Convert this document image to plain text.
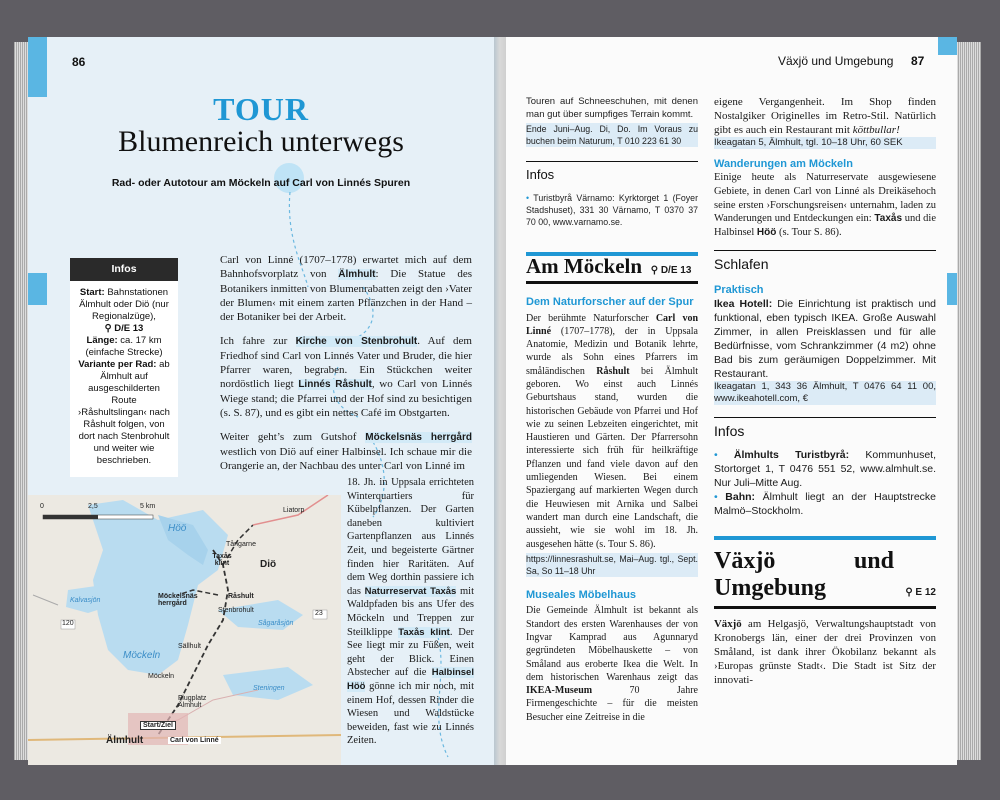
86
TOUR
Blumenreich unterwegs
Rad- oder Autotour am Möckeln auf Carl von Linnés Spuren
Infos
Start: Bahnstationen Älmhult oder Diö (nur Regionalzüge),
⚲ D/E 13
Länge: ca. 17 km (einfache Strecke)
Variante per Rad: ab Älmhult auf ausgeschilderten Route ›Råshultslingan‹ nach Råshult folgen, von dort nach Stenbrohult und weiter wie beschrieben.

Carl von Linné (1707–1778) erwartet mich auf dem Bahnhofsvorplatz von Älmhult: Die Statue des Botanikers inmitten von Blumenrabatten zeigt den ›Vater der Blumen‹ mit einem zarten Pflänzchen in der Hand – der Botaniker bei der Arbeit.

Ich fahre zur Kirche von Stenbrohult. Auf dem Friedhof sind Carl von Linnés Vater und Bruder, die hier Pfarrer waren, begraben. Ein Stückchen weiter nordöstlich liegt Linnés Råshult, wo Carl von Linnés Wiege stand; die Pfarrei und der Hof sind zu besichtigen (s. S. 87), und es gibt ein nettes Café im Obstgarten.

Weiter geht’s zum Gutshof Möckelsnäs herrgård westlich von Diö auf einer Halbinsel. Ich schaue mir die Orangerie an, der Nachbau des unter Carl von Linné im

18. Jh. in Uppsala errichteten Winterquartiers für Kübelpflanzen. Der Garten daneben kultiviert Gartenpflanzen aus Linnés Zeit, und begeisterte Gärtner finden hier Raritäten. Auf dem Weg dorthin passiere ich das Naturreservat Taxås mit Waldpfaden bis ans Ufer des Möckeln und Treppen zur Steilklippe Taxås klint. Der See liegt mir zu Füßen, weit geht der Blick. Einen Abstecher auf die Halbinsel Höö gönne ich mir noch, mit einem Hof, dessen Rinder die Wiesen und Waldstücke beweiden, fast wie zu Linnés Zeiten.
0	2,5	5 km
Liatorp
Höö
Tångarne
Taxås klint	Diö
Möckelsnäs herrgård
Råshult
Stenbrohult
Kalvasjön
Sågaråsjön
Möckeln
Sällhult
Möckeln
Steningen
Flugplatz Älmhult
Start/Ziel
Älmhult	Carl von Linné
120
23
Växjö und Umgebung 87
Touren auf Schneeschuhen, mit denen man gut über sumpfiges Terrain kommt.
Ende Juni–Aug. Di, Do. Im Voraus zu buchen beim Naturum, T 010 223 61 30
Infos
• Turistbyrå Värnamo: Kyrktorget 1 (Foyer Stadshuset), 331 30 Värnamo, T 0370 37 70 00, www.varnamo.se.
Am Möckeln ⚲ D/E 13
Dem Naturforscher auf der Spur
Der berühmte Naturforscher Carl von Linné (1707–1778), der in Uppsala Anatomie, Medizin und Botanik lehrte, wurde als Sohn eines Pfarrers im småländischen Råshult bei Älmhult geboren. Wo einst auch Linnés Geburtshaus stand, wurden die historischen Gebäude von Pfarrei und Hof wie zu seinen Lebzeiten eingerichtet, mit Haustieren und Gärten. Der Pfarrersohn interessierte sich früh für heilkräftige Pflanzen und fand viele davon auf den umliegenden Wiesen. Bei einem Spaziergang auf markierten Wegen durch die Heuwiesen mit Arnika und Salbei wandert man durch eine Landschaft, die aussieht, wie sie wohl im 18. Jh. ausgesehen hätte (s. Tour S. 86).
https://linnesrashult.se, Mai–Aug. tgl., Sept. Sa, So 11–18 Uhr
Museales Möbelhaus
Die Gemeinde Älmhult ist bekannt als Standort des ersten Warenhauses der von Ingvar Kamprad aus Agunnaryd gegründeten Möbelhauskette – von Småland aus eroberte Ikea die Welt. In dem historischen Warenhaus zeigt das IKEA-Museum 70 Jahre Firmengeschichte – für die meisten Besucher eine Zeitreise in die
eigene Vergangenheit. Im Shop finden Nostalgiker Originelles im Retro-Stil. Natürlich gibt es auch ein Restaurant mit köttbullar!
Ikeagatan 5, Älmhult, tgl. 10–18 Uhr, 60 SEK
Wanderungen am Möckeln
Einige heute als Naturreservate ausgewiesene Gebiete, in denen Carl von Linné als Dreikäsehoch seine ersten ›Forschungsreisen‹ unternahm, laden zu Wanderungen und Entdeckungen ein: Taxås und die Halbinsel Höö (s. Tour S. 86).
Schlafen
Praktisch
Ikea Hotell: Die Einrichtung ist praktisch und funktional, eben typisch IKEA. Große Auswahl Zimmer, in allen Preisklassen und für alle Bedürfnisse, vom Schrankzimmer (4 m2) ohne Bad bis zum geräumigen Doppelzimmer. Mit Restaurant.
Ikeagatan 1, 343 36 Älmhult, T 0476 64 11 00, www.ikeahotell.com, €
Infos
• Älmhults Turistbyrå: Kommunhuset, Stortorget 1, T 0476 551 52, www.almhult.se. Nur Juli–Mitte Aug.
• Bahn: Älmhult liegt an der Hauptstrecke Malmö–Stockholm.
Växjö und Umgebung	⚲ E 12
Växjö am Helgasjö, Verwaltungshauptstadt von Kronobergs län, einer der drei Provinzen von Småland, ist dank ihrer Ökobilanz bekannt als ›Europas grünste Stadt‹. Die Stadt ist Sitz der innovati-
